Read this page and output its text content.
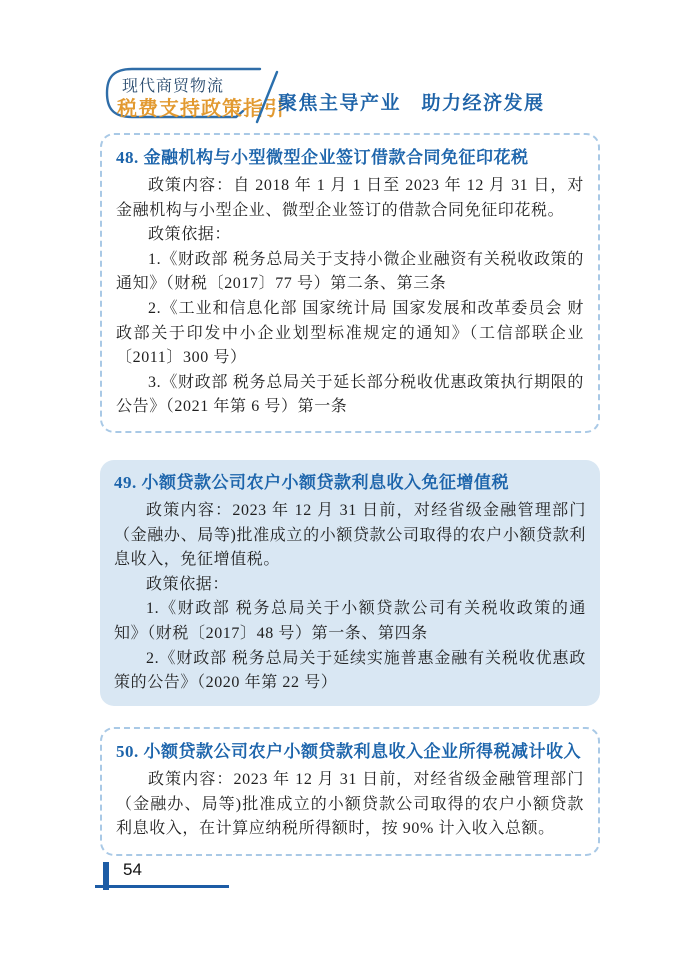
现代商贸物流
税费支持政策指引
聚焦主导产业　助力经济发展
48. 金融机构与小型微型企业签订借款合同免征印花税

政策内容：自 2018 年 1 月 1 日至 2023 年 12 月 31 日，对金融机构与小型企业、微型企业签订的借款合同免征印花税。

政策依据：

1.《财政部 税务总局关于支持小微企业融资有关税收政策的通知》（财税〔2017〕77 号）第二条、第三条

2.《工业和信息化部 国家统计局 国家发展和改革委员会 财政部关于印发中小企业划型标准规定的通知》（工信部联企业〔2011〕300 号）

3.《财政部 税务总局关于延长部分税收优惠政策执行期限的公告》（2021 年第 6 号）第一条

49. 小额贷款公司农户小额贷款利息收入免征增值税

政策内容：2023 年 12 月 31 日前，对经省级金融管理部门（金融办、局等)批准成立的小额贷款公司取得的农户小额贷款利息收入，免征增值税。

政策依据：

1.《财政部 税务总局关于小额贷款公司有关税收政策的通知》（财税〔2017〕48 号）第一条、第四条

2.《财政部 税务总局关于延续实施普惠金融有关税收优惠政策的公告》（2020 年第 22 号）

50. 小额贷款公司农户小额贷款利息收入企业所得税减计收入

政策内容：2023 年 12 月 31 日前，对经省级金融管理部门（金融办、局等)批准成立的小额贷款公司取得的农户小额贷款利息收入，在计算应纳税所得额时，按 90% 计入收入总额。

54
